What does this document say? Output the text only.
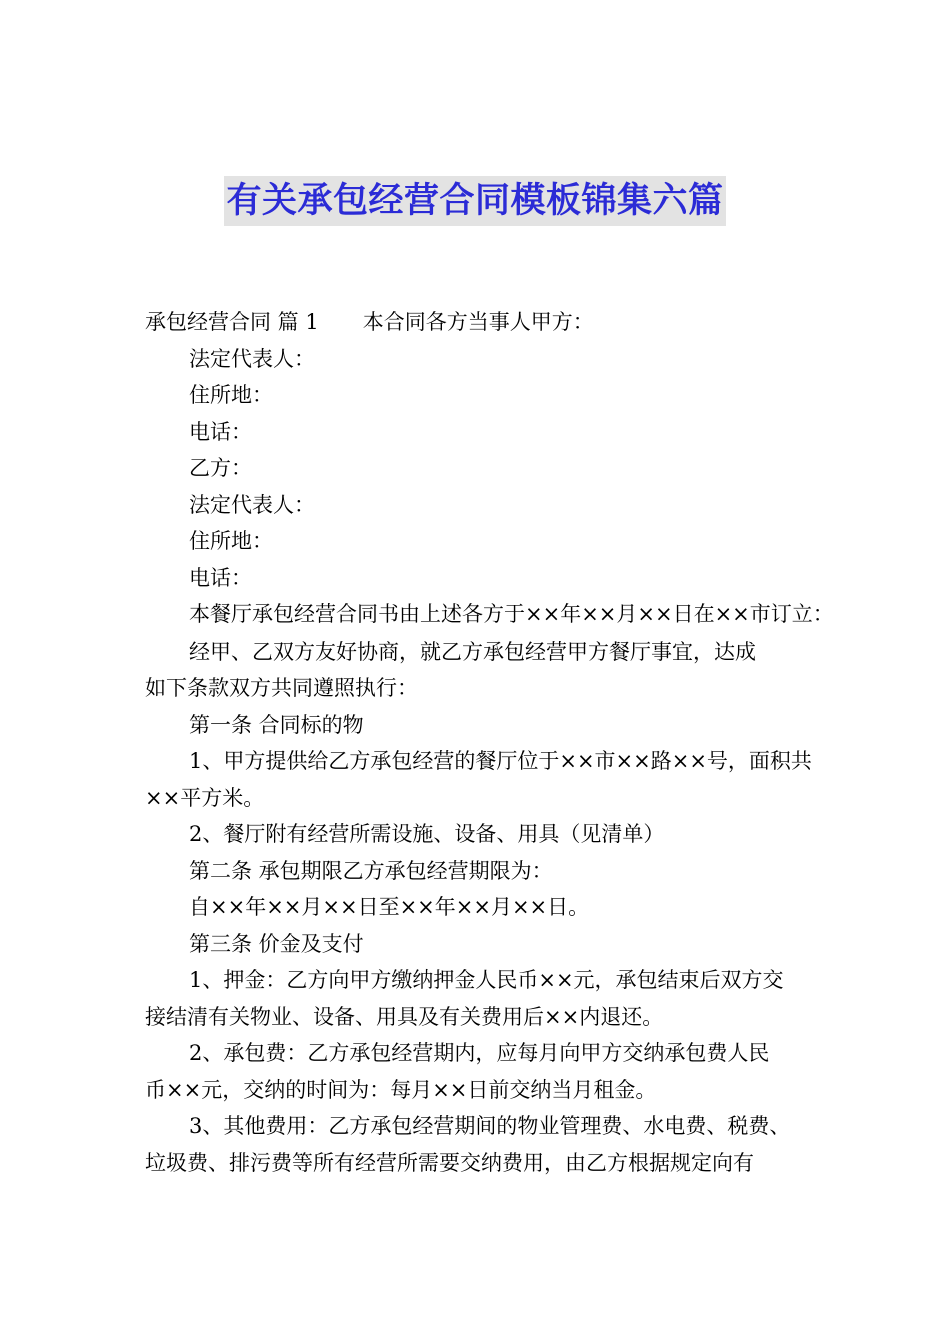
有关承包经营合同模板锦集六篇

承包经营合同 篇 1 本合同各方当事人甲方：

法定代表人：

住所地：

电话：

乙方：

法定代表人：

住所地：

电话：

本餐厅承包经营合同书由上述各方于××年××月××日在××市订立：

经甲、乙双方友好协商，就乙方承包经营甲方餐厅事宜，达成

如下条款双方共同遵照执行：

第一条 合同标的物

1、甲方提供给乙方承包经营的餐厅位于××市××路××号，面积共

××平方米。

2、餐厅附有经营所需设施、设备、用具（见清单）

第二条 承包期限乙方承包经营期限为：

自××年××月××日至××年××月××日。

第三条 价金及支付

1、押金：乙方向甲方缴纳押金人民币××元，承包结束后双方交

接结清有关物业、设备、用具及有关费用后××内退还。

2、承包费：乙方承包经营期内，应每月向甲方交纳承包费人民

币××元，交纳的时间为：每月××日前交纳当月租金。

3、其他费用：乙方承包经营期间的物业管理费、水电费、税费、

垃圾费、排污费等所有经营所需要交纳费用，由乙方根据规定向有
